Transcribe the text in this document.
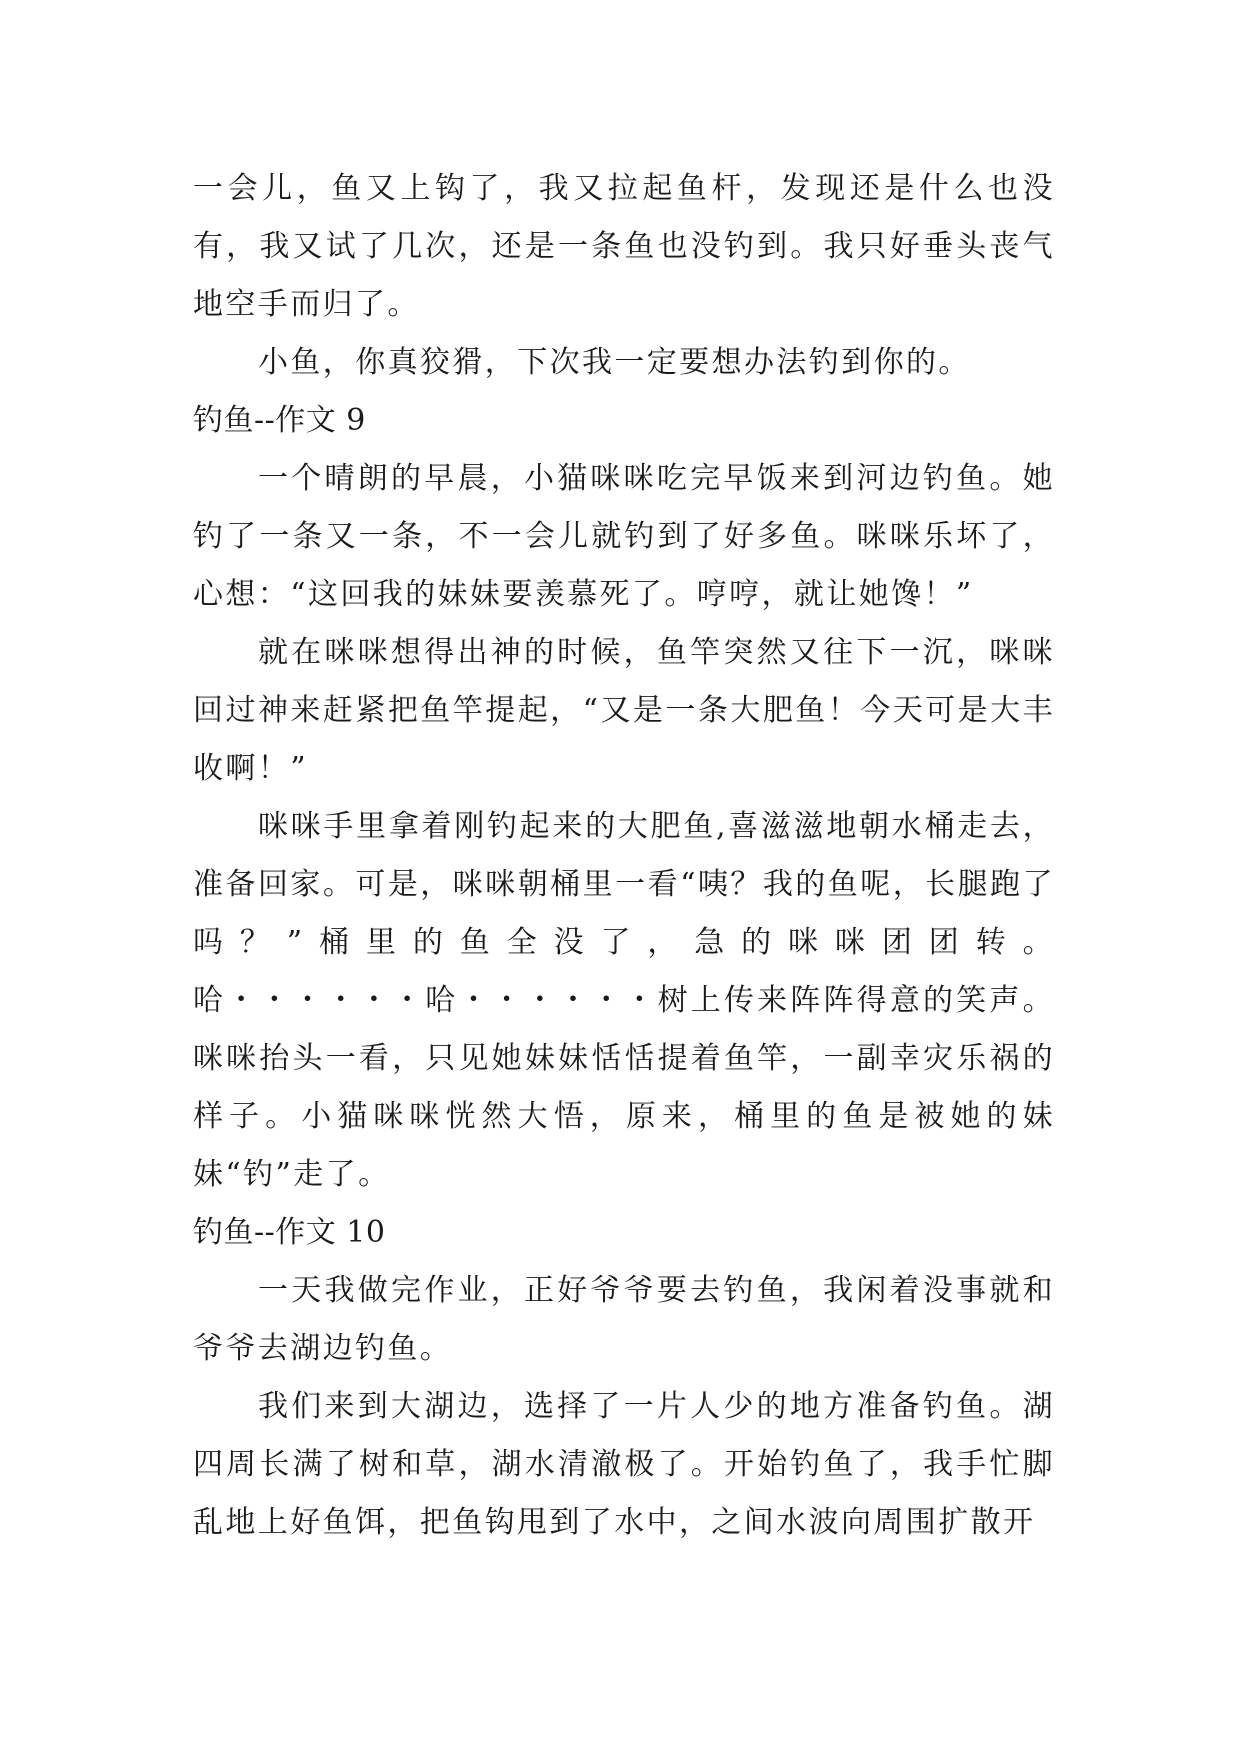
一会儿，鱼又上钩了，我又拉起鱼杆，发现还是什么也没有，我又试了几次，还是一条鱼也没钓到。我只好垂头丧气地空手而归了。

小鱼，你真狡猾，下次我一定要想办法钓到你的。

钓鱼--作文 9

一个晴朗的早晨，小猫咪咪吃完早饭来到河边钓鱼。她钓了一条又一条，不一会儿就钓到了好多鱼。咪咪乐坏了，心想：“这回我的妹妹要羡慕死了。哼哼，就让她馋！”

就在咪咪想得出神的时候，鱼竿突然又往下一沉，咪咪回过神来赶紧把鱼竿提起，“又是一条大肥鱼！今天可是大丰收啊！”

咪咪手里拿着刚钓起来的大肥鱼,喜滋滋地朝水桶走去，准备回家。可是，咪咪朝桶里一看“咦？我的鱼呢，长腿跑了吗？”桶里的鱼全没了，急的咪咪团团转。

哈・・・・・・哈・・・・・・树上传来阵阵得意的笑声。咪咪抬头一看，只见她妹妹恬恬提着鱼竿，一副幸灾乐祸的样子。小猫咪咪恍然大悟，原来，桶里的鱼是被她的妹妹“钓”走了。

钓鱼--作文 10

一天我做完作业，正好爷爷要去钓鱼，我闲着没事就和爷爷去湖边钓鱼。

我们来到大湖边，选择了一片人少的地方准备钓鱼。湖四周长满了树和草，湖水清澈极了。开始钓鱼了，我手忙脚乱地上好鱼饵，把鱼钩甩到了水中，之间水波向周围扩散开
